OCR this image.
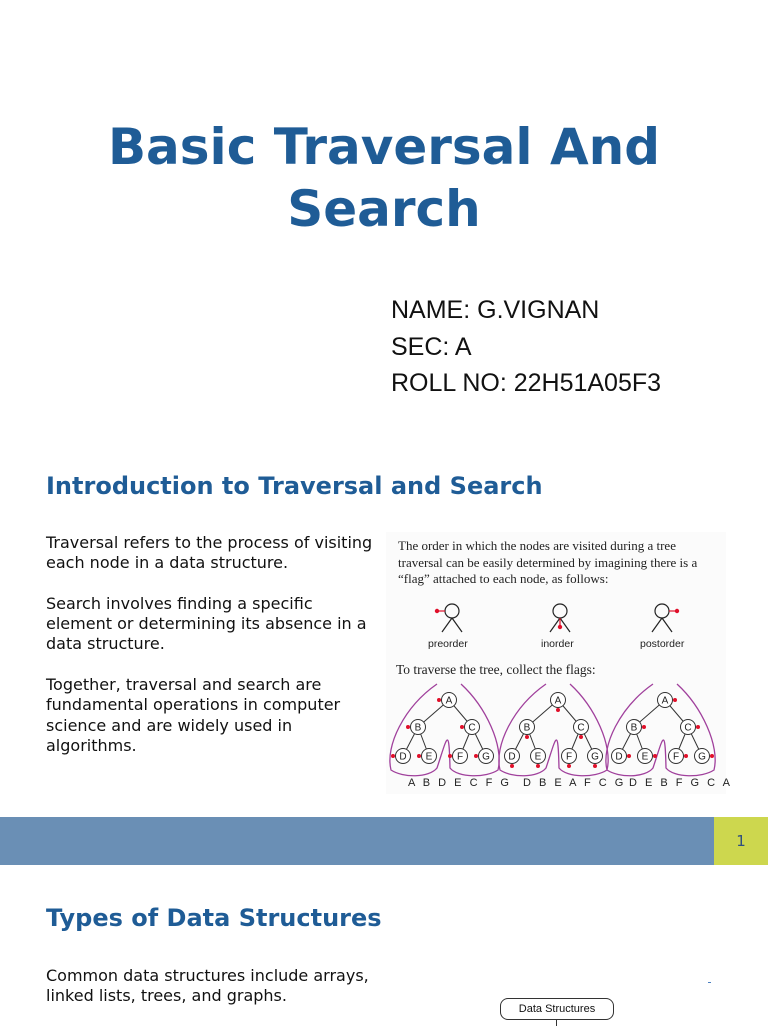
Basic Traversal And
Search
NAME: G.VIGNAN
SEC: A
ROLL NO: 22H51A05F3
Introduction to Traversal and Search

Traversal refers to the process of visiting each node in a data structure.

Search involves finding a specific element or determining its absence in a data structure.

Together, traversal and search are fundamental operations in computer science and are widely used in algorithms.

The order in which the nodes are visited during a tree traversal can be easily determined by imagining there is a “flag” attached to each node, as follows:
A
B	C
D E F G
A
B	C
D E F G
A
B	C
D E F G
preorder	inorder	postorder
To traverse the tree, collect the flags:
A B D E C F G D B E A F C G D E B F G C A
1
Types of Data Structures
Common data structures include arrays, linked lists, trees, and graphs.
Data Structures
